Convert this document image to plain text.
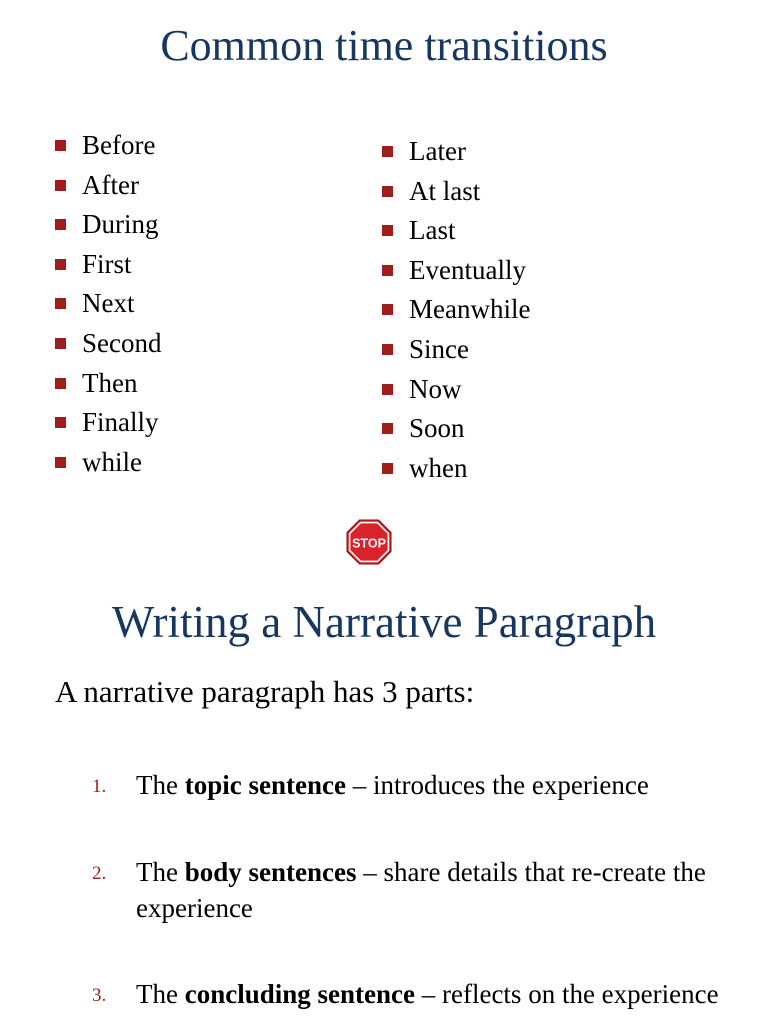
Common time transitions
Before
After
During
First
Next
Second
Then
Finally
while
Later
At last
Last
Eventually
Meanwhile
Since
Now
Soon
when
STOP
Writing a Narrative Paragraph

A narrative paragraph has 3 parts:

1.	The topic sentence – introduces the experience
2.	The body sentences – share details that re-create the experience
3.	The concluding sentence – reflects on the experience
